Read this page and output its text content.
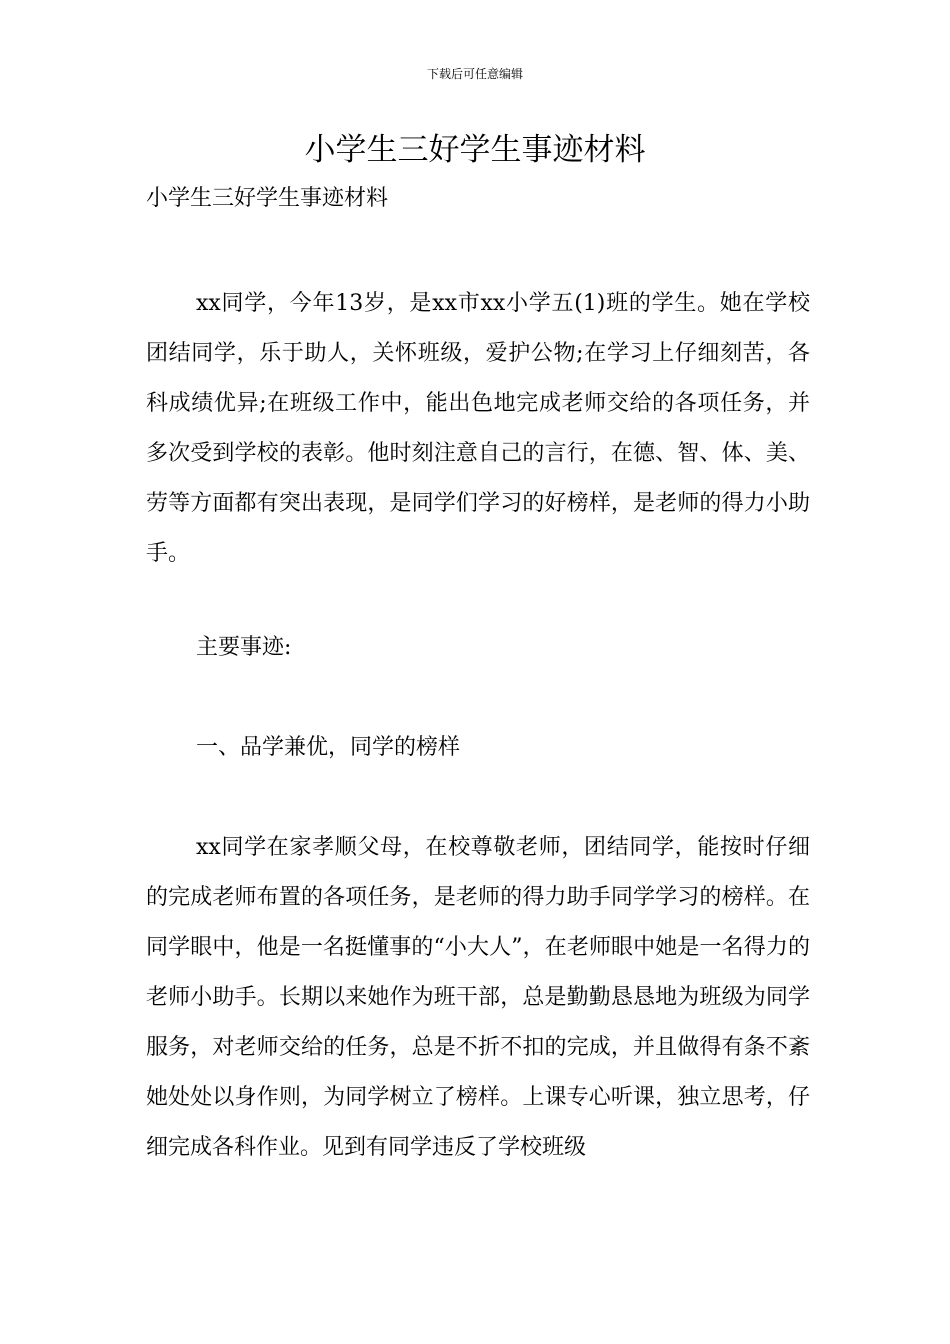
下载后可任意编辑
小学生三好学生事迹材料

小学生三好学生事迹材料

xx同学，今年13岁，是xx市xx小学五(1)班的学生。她在学校团结同学，乐于助人，关怀班级，爱护公物;在学习上仔细刻苦，各科成绩优异;在班级工作中，能出色地完成老师交给的各项任务，并多次受到学校的表彰。他时刻注意自己的言行，在德、智、体、美、劳等方面都有突出表现，是同学们学习的好榜样，是老师的得力小助手。

主要事迹:

一、品学兼优，同学的榜样

xx同学在家孝顺父母，在校尊敬老师，团结同学，能按时仔细的完成老师布置的各项任务，是老师的得力助手同学学习的榜样。在同学眼中，他是一名挺懂事的“小大人”，在老师眼中她是一名得力的老师小助手。长期以来她作为班干部，总是勤勤恳恳地为班级为同学服务，对老师交给的任务，总是不折不扣的完成，并且做得有条不紊她处处以身作则，为同学树立了榜样。上课专心听课，独立思考，仔细完成各科作业。见到有同学违反了学校班级
